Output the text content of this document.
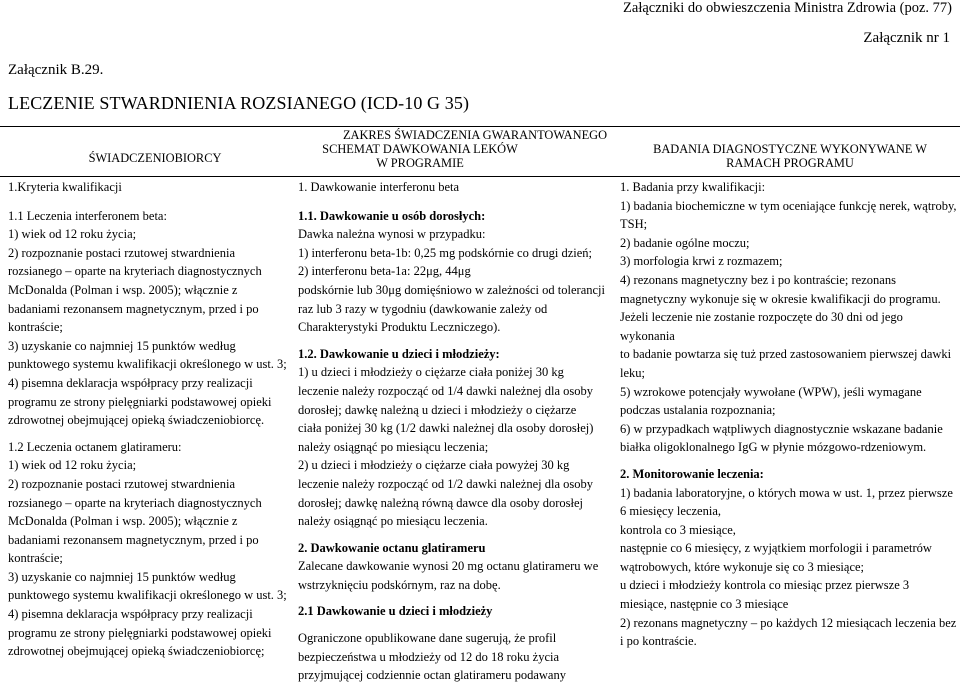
Załączniki do obwieszczenia Ministra Zdrowia (poz. 77)
Załącznik nr 1
Załącznik B.29.
LECZENIE STWARDNIENIA ROZSIANEGO (ICD-10 G 35)
ŚWIADCZENIOBIORCY
ZAKRES ŚWIADCZENIA GWARANTOWANEGO
SCHEMAT DAWKOWANIA LEKÓW
W PROGRAMIE
BADANIA DIAGNOSTYCZNE WYKONYWANE W
RAMACH PROGRAMU

1.Kryteria kwalifikacji

1.1 Leczenia interferonem beta:

1) wiek od 12 roku życia;

2) rozpoznanie postaci rzutowej stwardnienia

rozsianego – oparte na kryteriach diagnostycznych

McDonalda (Polman i wsp. 2005); włącznie z

badaniami rezonansem magnetycznym, przed i po

kontraście;

3) uzyskanie co najmniej 15 punktów według

punktowego systemu kwalifikacji określonego w ust. 3;

4) pisemna deklaracja współpracy przy realizacji

programu ze strony pielęgniarki podstawowej opieki

zdrowotnej obejmującej opieką świadczeniobiorcę.

1.2 Leczenia octanem glatirameru:

1) wiek od 12 roku życia;

2) rozpoznanie postaci rzutowej stwardnienia

rozsianego – oparte na kryteriach diagnostycznych

McDonalda (Polman i wsp. 2005); włącznie z

badaniami rezonansem magnetycznym, przed i po

kontraście;

3) uzyskanie co najmniej 15 punktów według

punktowego systemu kwalifikacji określonego w ust. 3;

4) pisemna deklaracja współpracy przy realizacji

programu ze strony pielęgniarki podstawowej opieki

zdrowotnej obejmującej opieką świadczeniobiorcę;

1. Dawkowanie interferonu beta

1.1. Dawkowanie u osób dorosłych:

Dawka należna wynosi w przypadku:

1) interferonu beta-1b: 0,25 mg podskórnie co drugi dzień;

2) interferonu beta-1a: 22μg, 44μg

podskórnie lub 30μg domięśniowo w zależności od tolerancji

raz lub 3 razy w tygodniu (dawkowanie zależy od

Charakterystyki Produktu Leczniczego).

1.2. Dawkowanie u dzieci i młodzieży:

1) u dzieci i młodzieży o ciężarze ciała poniżej 30 kg

leczenie należy rozpocząć od 1/4 dawki należnej dla osoby

dorosłej; dawkę należną u dzieci i młodzieży o ciężarze

ciała poniżej 30 kg (1/2 dawki należnej dla osoby dorosłej)

należy osiągnąć po miesiącu leczenia;

2) u dzieci i młodzieży o ciężarze ciała powyżej 30 kg

leczenie należy rozpocząć od 1/2 dawki należnej dla osoby

dorosłej; dawkę należną równą dawce dla osoby dorosłej

należy osiągnąć po miesiącu leczenia.

2. Dawkowanie octanu glatirameru

Zalecane dawkowanie wynosi 20 mg octanu glatirameru we

wstrzyknięciu podskórnym, raz na dobę.

2.1 Dawkowanie u dzieci i młodzieży

Ograniczone opublikowane dane sugerują, że profil

bezpieczeństwa u młodzieży od 12 do 18 roku życia

przyjmującej codziennie octan glatirameru podawany

1. Badania przy kwalifikacji:

1) badania biochemiczne w tym oceniające funkcję nerek, wątroby,

TSH;

2) badanie ogólne moczu;

3) morfologia krwi z rozmazem;

4) rezonans magnetyczny bez i po kontraście; rezonans

magnetyczny wykonuje się w okresie kwalifikacji do programu.

Jeżeli leczenie nie zostanie rozpoczęte do 30 dni od jego wykonania

to badanie powtarza się tuż przed zastosowaniem pierwszej dawki

leku;

5) wzrokowe potencjały wywołane (WPW), jeśli wymagane

podczas ustalania rozpoznania;

6) w przypadkach wątpliwych diagnostycznie wskazane badanie

białka oligoklonalnego IgG w płynie mózgowo-rdzeniowym.

2. Monitorowanie leczenia:

1) badania laboratoryjne, o których mowa w ust. 1, przez pierwsze

6 miesięcy leczenia,

kontrola co 3 miesiące,

następnie co 6 miesięcy, z wyjątkiem morfologii i parametrów

wątrobowych, które wykonuje się co 3 miesiące;

u dzieci i młodzieży kontrola co miesiąc przez pierwsze 3

miesiące, następnie co 3 miesiące

2) rezonans magnetyczny – po każdych 12 miesiącach leczenia bez

i po kontraście.
